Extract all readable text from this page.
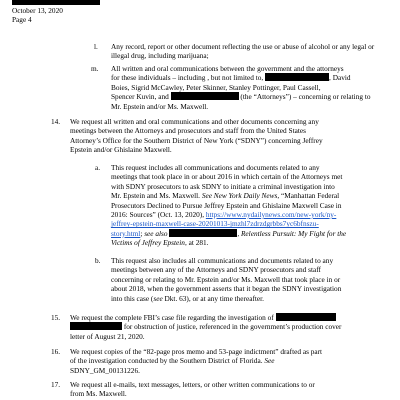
October 13, 2020
Page 4
l. Any record, report or other document reflecting the use or abuse of alcohol or any legal or illegal drug, including marijuana;
m. All written and oral communications between the government and the attorneys
for these individuals – including , but not limited to,	, David
Boies, Sigrid McCawley, Peter Skinner, Stanley Pottinger, Paul Cassell,
Spencer Kuvin, and	(the “Attorneys”) – concerning or relating to
Mr. Epstein and/or Ms. Maxwell.
14. We request all written and oral communications and other documents concerning any
meetings between the Attorneys and prosecutors and staff from the United States
Attorney’s Office for the Southern District of New York (“SDNY”) concerning Jeffrey
Epstein and/or Ghislaine Maxwell.
a. This request includes all communications and documents related to any
meetings that took place in or about 2016 in which certain of the Attorneys met
with SDNY prosecutors to ask SDNY to initiate a criminal investigation into
Mr. Epstein and Ms. Maxwell. See New York Daily News, “Manhattan Federal
Prosecutors Declined to Pursue Jeffrey Epstein and Ghislaine Maxwell Case in
2016: Sources” (Oct. 13, 2020), https://www.nydailynews.com/new-york/ny-
jeffrey-epstein-maxwell-case-20201013-jmzhl7zdrzdgrbbs7yc6bfnszu-
story.html; see also	, Relentless Pursuit: My Fight for the
Victims of Jeffrey Epstein, at 281.
b. This request also includes all communications and documents related to any
meetings between any of the Attorneys and SDNY prosecutors and staff
concerning or relating to Mr. Epstein and/or Ms. Maxwell that took place in or
about 2018, when the government asserts that it began the SDNY investigation
into this case (see Dkt. 63), or at any time thereafter.
15. We request the complete FBI’s case file regarding the investigation of
for obstruction of justice, referenced in the government’s production cover
letter of August 21, 2020.
16. We request copies of the “82-page pros memo and 53-page indictment” drafted as part
of the investigation conducted by the Southern District of Florida. See
SDNY_GM_00131226.
17. We request all e-mails, text messages, letters, or other written communications to or
from Ms. Maxwell.
